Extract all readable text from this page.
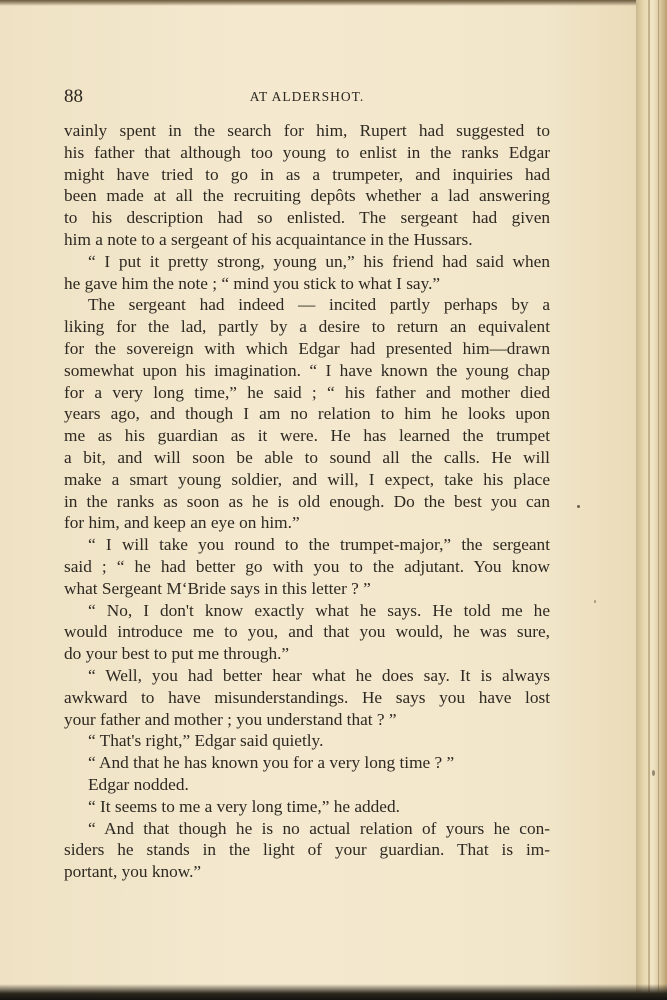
88	AT ALDERSHOT.
vainly spent in the search for him, Rupert had suggested to
his father that although too young to enlist in the ranks Edgar
might have tried to go in as a trumpeter, and inquiries had
been made at all the recruiting depôts whether a lad answering
to his description had so enlisted. The sergeant had given
him a note to a sergeant of his acquaintance in the Hussars.
“ I put it pretty strong, young un,” his friend had said when
he gave him the note ; “ mind you stick to what I say.”
The sergeant had indeed — incited partly perhaps by a
liking for the lad, partly by a desire to return an equivalent
for the sovereign with which Edgar had presented him—drawn
somewhat upon his imagination. “ I have known the young chap
for a very long time,” he said ; “ his father and mother died
years ago, and though I am no relation to him he looks upon
me as his guardian as it were. He has learned the trumpet
a bit, and will soon be able to sound all the calls. He will
make a smart young soldier, and will, I expect, take his place
in the ranks as soon as he is old enough. Do the best you can
for him, and keep an eye on him.”
“ I will take you round to the trumpet-major,” the sergeant
said ; “ he had better go with you to the adjutant. You know
what Sergeant M‘Bride says in this letter ? ”
“ No, I don't know exactly what he says. He told me he
would introduce me to you, and that you would, he was sure,
do your best to put me through.”
“ Well, you had better hear what he does say. It is always
awkward to have misunderstandings. He says you have lost
your father and mother ; you understand that ? ”
“ That's right,” Edgar said quietly.
“ And that he has known you for a very long time ? ”
Edgar nodded.
“ It seems to me a very long time,” he added.
“ And that though he is no actual relation of yours he con-
siders he stands in the light of your guardian. That is im-
portant, you know.”
